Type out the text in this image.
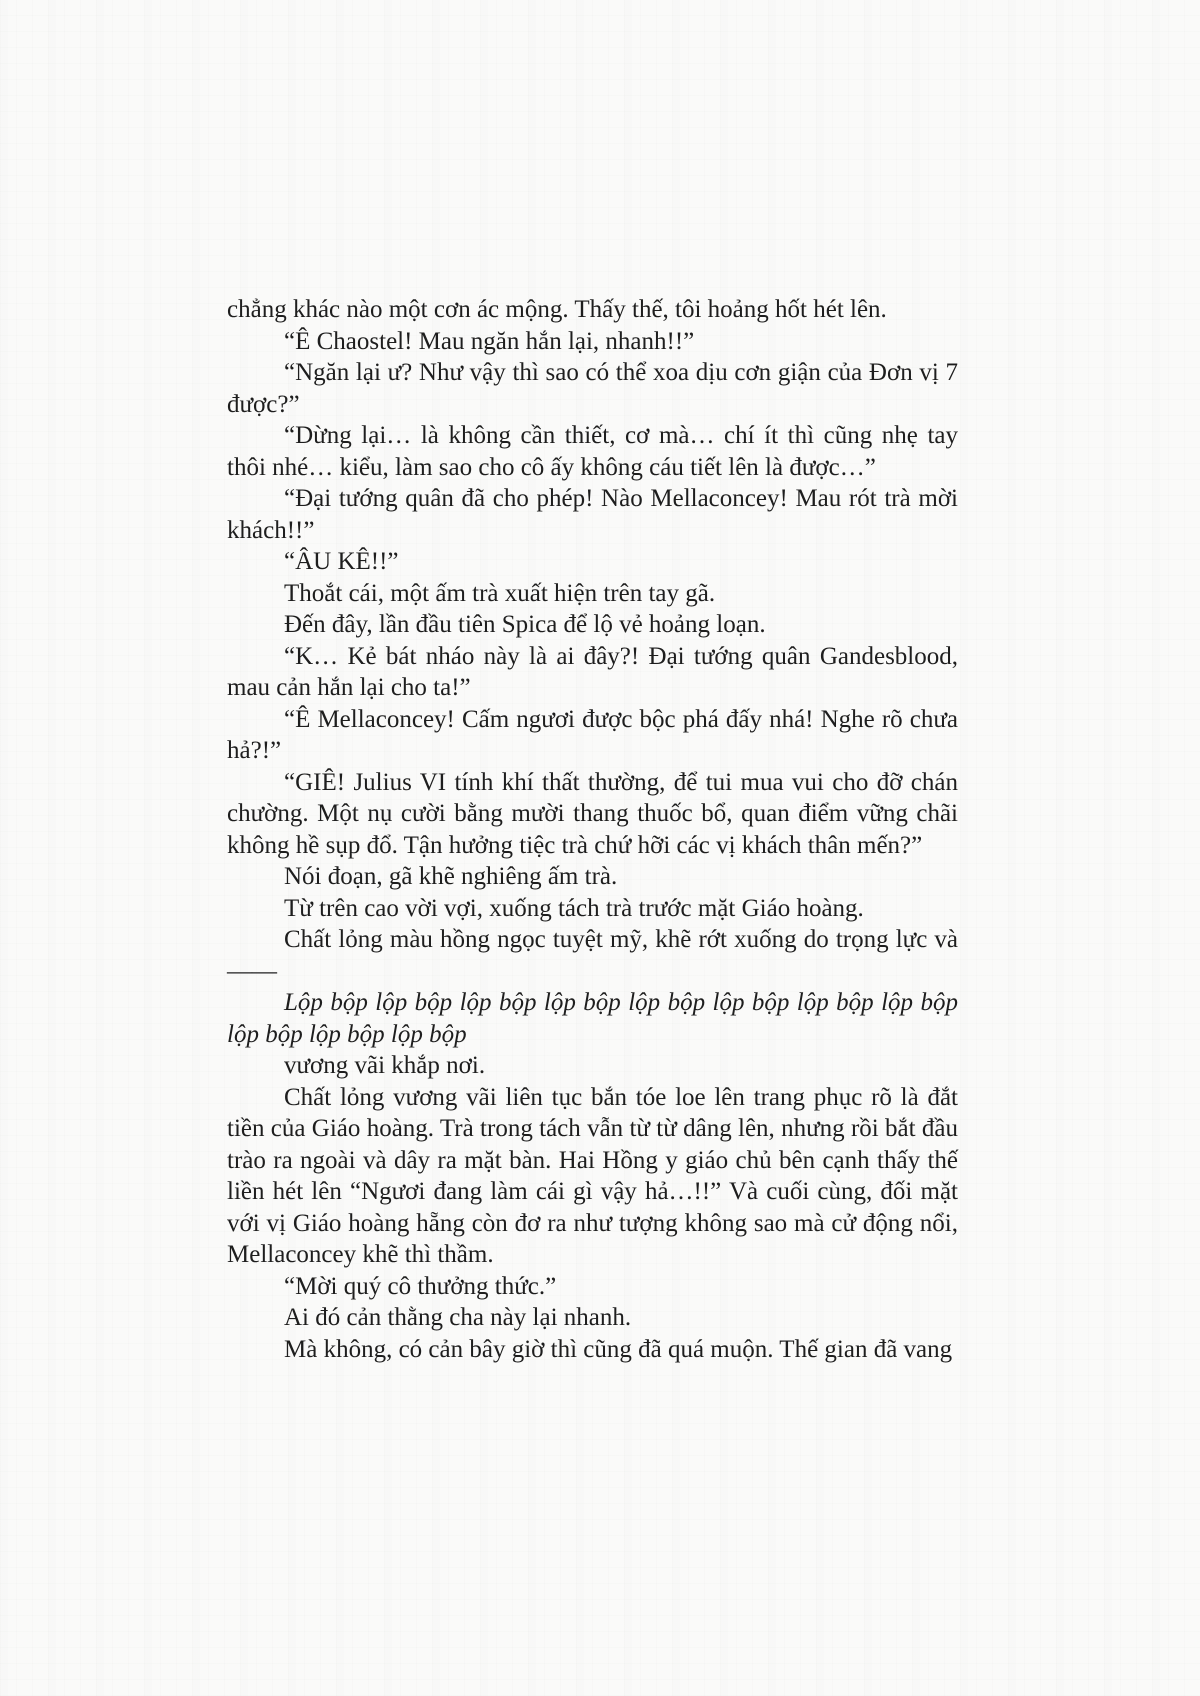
chẳng khác nào một cơn ác mộng. Thấy thế, tôi hoảng hốt hét lên.

“Ê Chaostel! Mau ngăn hắn lại, nhanh!!”

“Ngăn lại ư? Như vậy thì sao có thể xoa dịu cơn giận của Đơn vị 7 được?”

“Dừng lại… là không cần thiết, cơ mà… chí ít thì cũng nhẹ tay thôi nhé… kiểu, làm sao cho cô ấy không cáu tiết lên là được…”

“Đại tướng quân đã cho phép! Nào Mellaconcey! Mau rót trà mời khách!!”

“ÂU KÊ!!”

Thoắt cái, một ấm trà xuất hiện trên tay gã.

Đến đây, lần đầu tiên Spica để lộ vẻ hoảng loạn.

“K… Kẻ bát nháo này là ai đây?! Đại tướng quân Gandesblood, mau cản hắn lại cho ta!”

“Ê Mellaconcey! Cấm ngươi được bộc phá đấy nhá! Nghe rõ chưa hả?!”

“GIÊ! Julius VI tính khí thất thường, để tui mua vui cho đỡ chán chường. Một nụ cười bằng mười thang thuốc bổ, quan điểm vững chãi không hề sụp đổ. Tận hưởng tiệc trà chứ hỡi các vị khách thân mến?”

Nói đoạn, gã khẽ nghiêng ấm trà.

Từ trên cao vời vợi, xuống tách trà trước mặt Giáo hoàng.

Chất lỏng màu hồng ngọc tuyệt mỹ, khẽ rớt xuống do trọng lực và——

Lộp bộp lộp bộp lộp bộp lộp bộp lộp bộp lộp bộp lộp bộp lộp bộp lộp bộp lộp bộp lộp bộp

vương vãi khắp nơi.

Chất lỏng vương vãi liên tục bắn tóe loe lên trang phục rõ là đắt tiền của Giáo hoàng. Trà trong tách vẫn từ từ dâng lên, nhưng rồi bắt đầu trào ra ngoài và dây ra mặt bàn. Hai Hồng y giáo chủ bên cạnh thấy thế liền hét lên “Ngươi đang làm cái gì vậy hả…!!” Và cuối cùng, đối mặt với vị Giáo hoàng hẵng còn đơ ra như tượng không sao mà cử động nổi, Mellaconcey khẽ thì thầm.

“Mời quý cô thưởng thức.”

Ai đó cản thằng cha này lại nhanh.

Mà không, có cản bây giờ thì cũng đã quá muộn. Thế gian đã vang
